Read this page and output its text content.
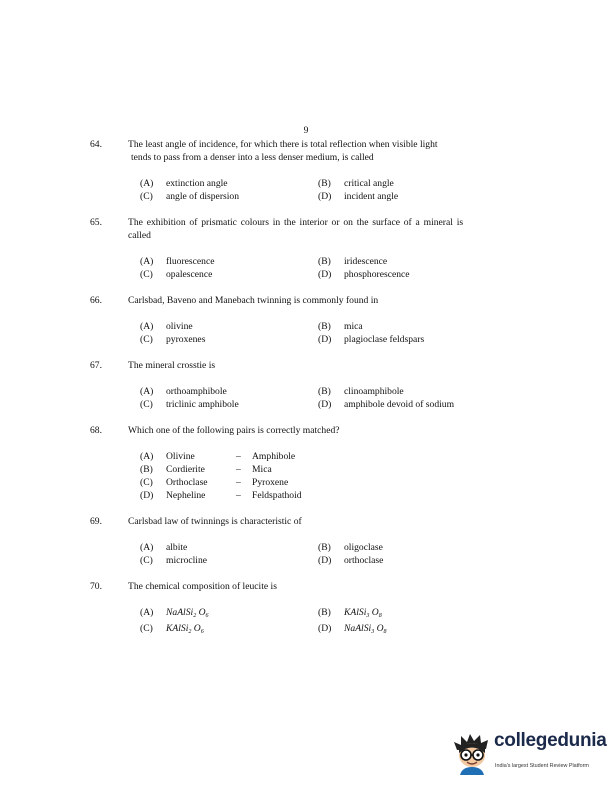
9
64.	The least angle of incidence, for which there is total reflection when visible light
tends to pass from a denser into a less denser medium, is called
(A) extinction angle	(B) critical angle
(C) angle of dispersion	(D) incident angle
65.	The exhibition of prismatic colours in the interior or on the surface of a mineral is
called
(A) fluorescence	(B) iridescence
(C) opalescence	(D) phosphorescence
66.	Carlsbad, Baveno and Manebach twinning is commonly found in
(A) olivine	(B) mica
(C) pyroxenes	(D) plagioclase feldspars
67.	The mineral crosstie is
(A) orthoamphibole	(B) clinoamphibole
(C) triclinic amphibole	(D) amphibole devoid of sodium
68.	Which one of the following pairs is correctly matched?
(A) Olivine	– Amphibole
(B) Cordierite	– Mica
(C) Orthoclase	– Pyroxene
(D) Nepheline	– Feldspathoid
69.	Carlsbad law of twinnings is characteristic of
(A) albite	(B) oligoclase
(C) microcline	(D) orthoclase
70.	The chemical composition of leucite is
(A) NaAlSi$_2$ $O_6$	(B) KAlSi$_3$ $O_8$
(C) KAlSi$_2$ $O_6$	(D) NaAlSi$_3$ $O_8$
collegedunia
India's largest Student Review Platform
